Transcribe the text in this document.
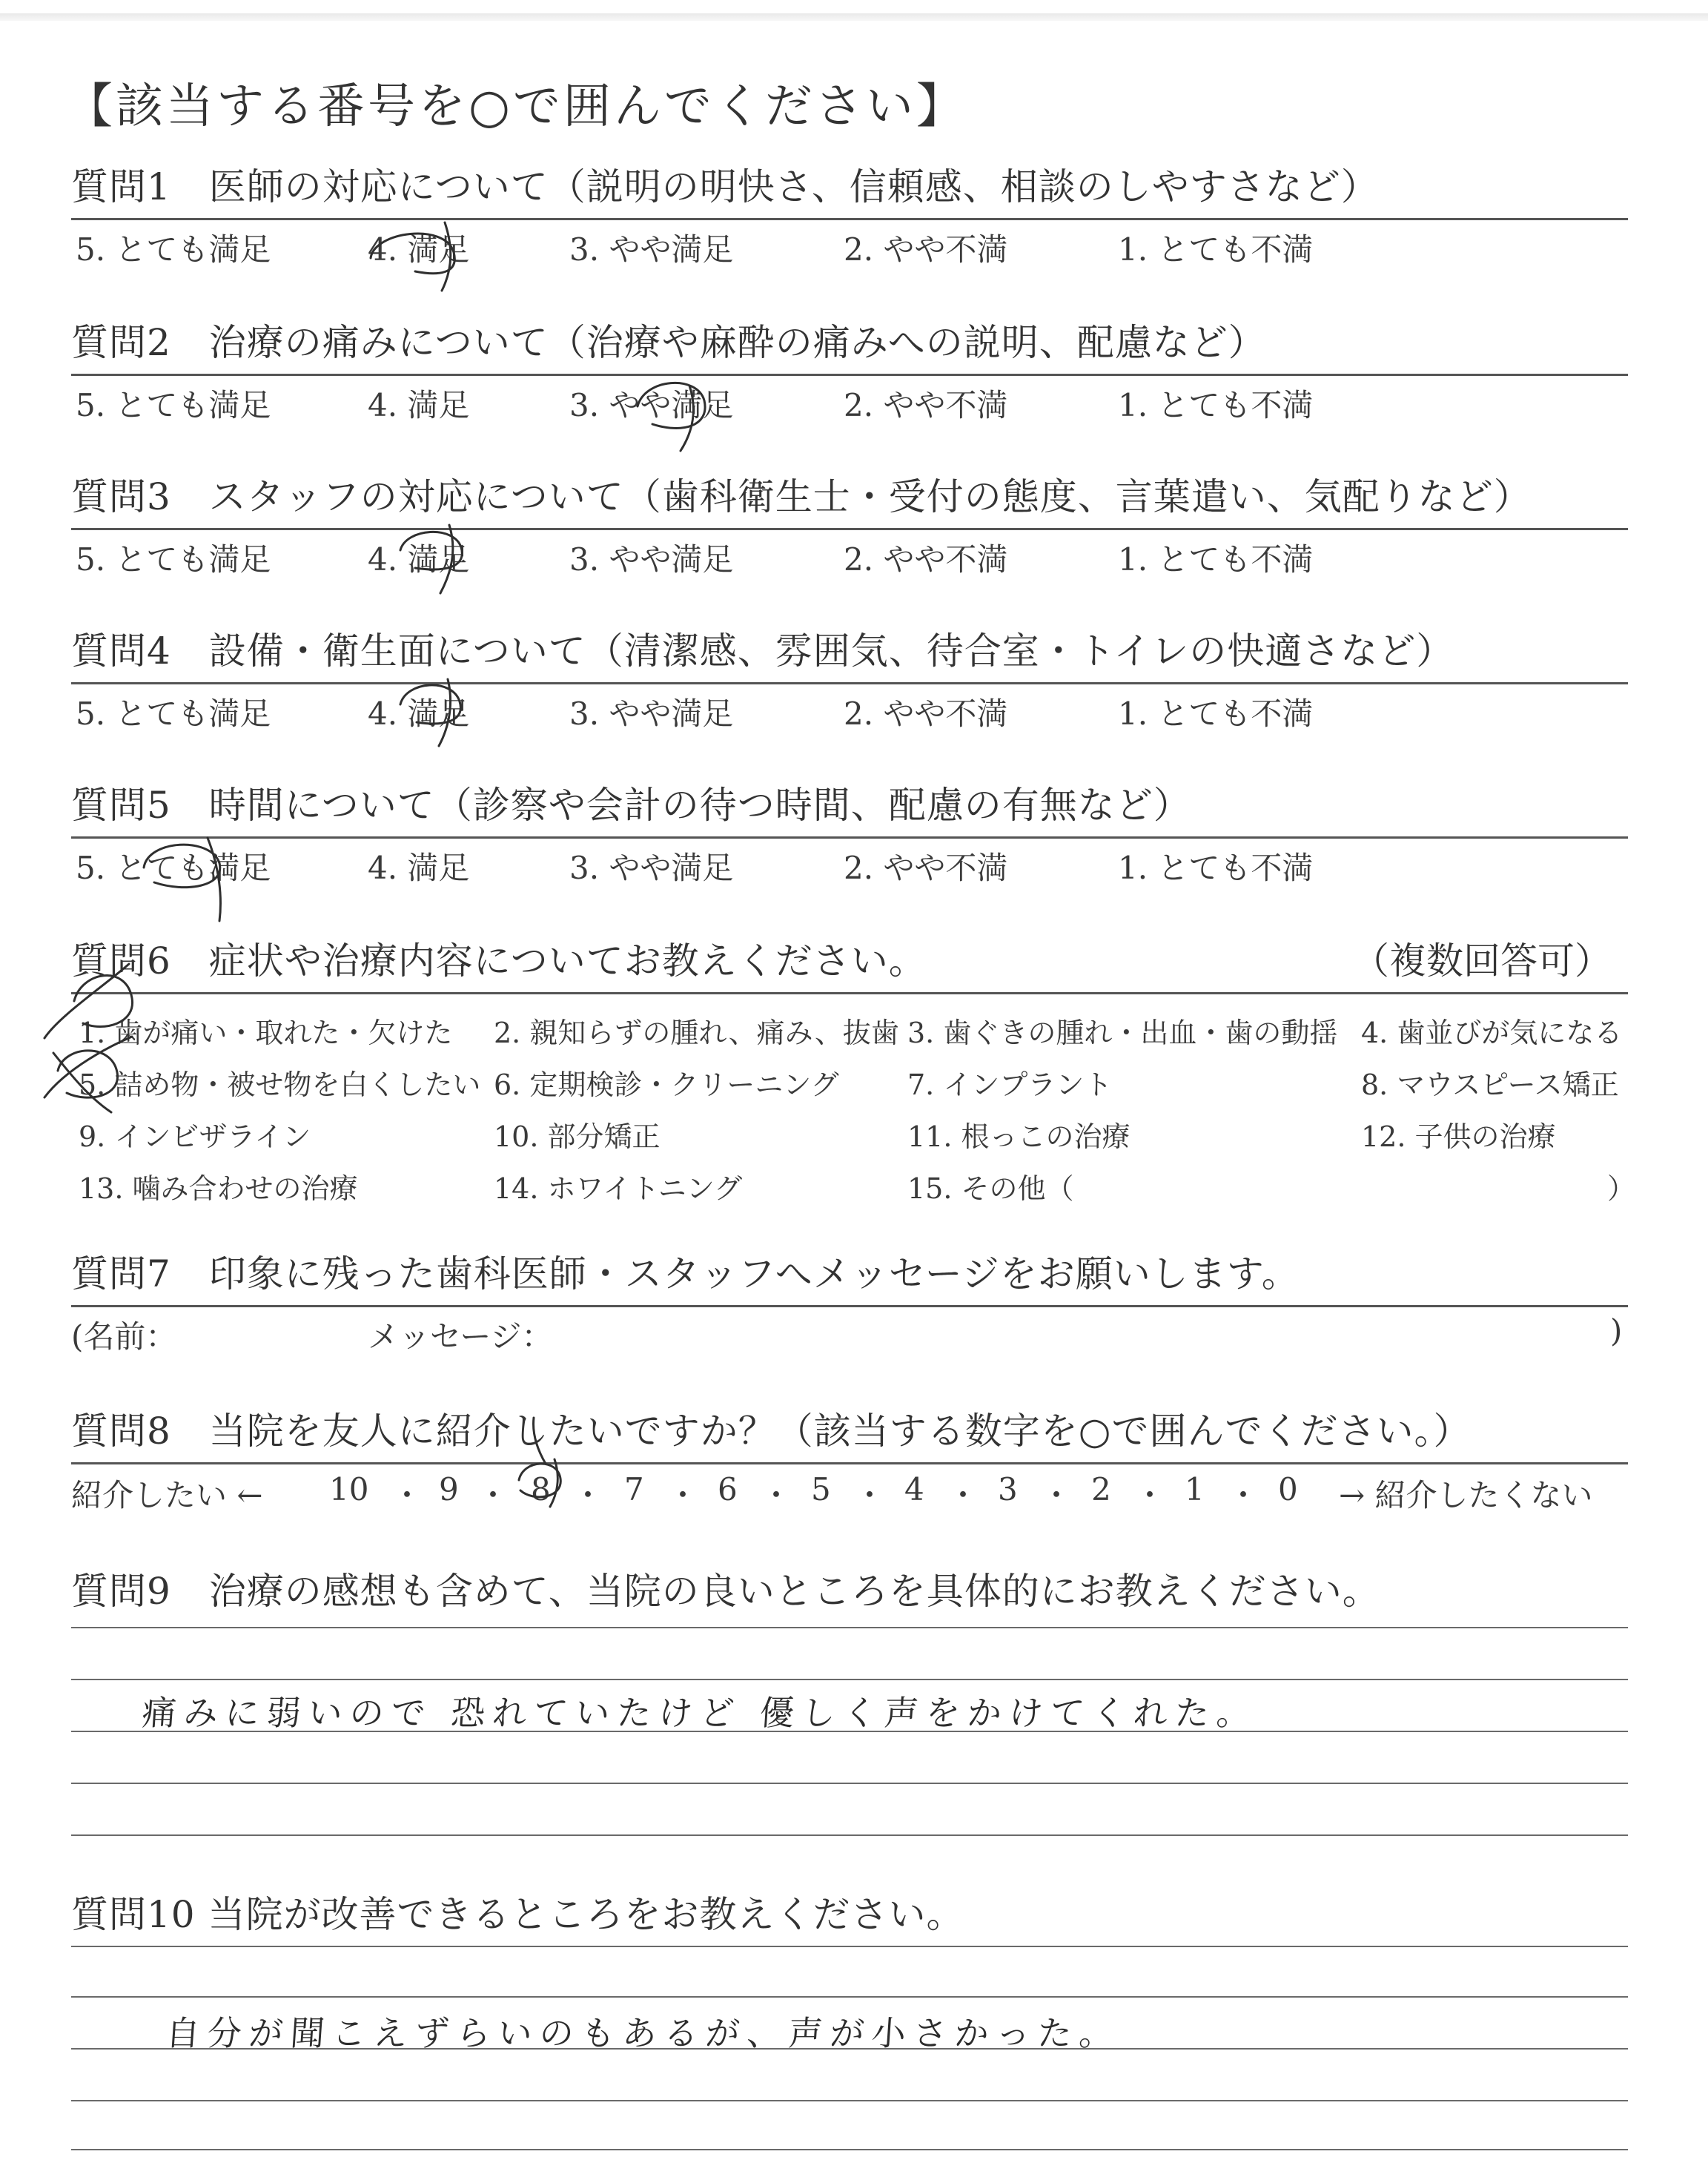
【該当する番号を○で囲んでください】
質問1　医師の対応について（説明の明快さ、信頼感、相談のしやすさなど）
5. とても満足	4. 満足	3. やや満足	2. やや不満	1. とても不満
質問2　治療の痛みについて（治療や麻酔の痛みへの説明、配慮など）
5. とても満足	4. 満足	3. やや満足	2. やや不満	1. とても不満
質問3　スタッフの対応について（歯科衛生士・受付の態度、言葉遣い、気配りなど）
5. とても満足	4. 満足	3. やや満足	2. やや不満	1. とても不満
質問4　設備・衛生面について（清潔感、雰囲気、待合室・トイレの快適さなど）
5. とても満足	4. 満足	3. やや満足	2. やや不満	1. とても不満
質問5　時間について（診察や会計の待つ時間、配慮の有無など）
5. とても満足	4. 満足	3. やや満足	2. やや不満	1. とても不満
質問6　症状や治療内容についてお教えください。	（複数回答可）
1. 歯が痛い・取れた・欠けた 2. 親知らずの腫れ、痛み、抜歯 3. 歯ぐきの腫れ・出血・歯の動揺 4. 歯並びが気になる
5. 詰め物・被せ物を白くしたい 6. 定期検診・クリーニング 7. インプラント	8. マウスピース矯正
9. インビザライン	10. 部分矯正	11. 根っこの治療	12. 子供の治療
13. 噛み合わせの治療	14. ホワイトニング	15. その他（	）
質問7　印象に残った歯科医師・スタッフへメッセージをお願いします。
(名前：	メッセージ：	)
質問8　当院を友人に紹介したいですか？（該当する数字を○で囲んでください。）
紹介したい ← 10 ・ 9 ・ 8 ・ 7 ・ 6 ・ 5 ・ 4 ・ 3 ・ 2 ・ 1 ・ 0 → 紹介したくない
質問9　治療の感想も含めて、当院の良いところを具体的にお教えください。
痛みに弱いので 恐れていたけど 優しく声をかけてくれた。
質問10 当院が改善できるところをお教えください。
自分が聞こえずらいのもあるが、声が小さかった。
